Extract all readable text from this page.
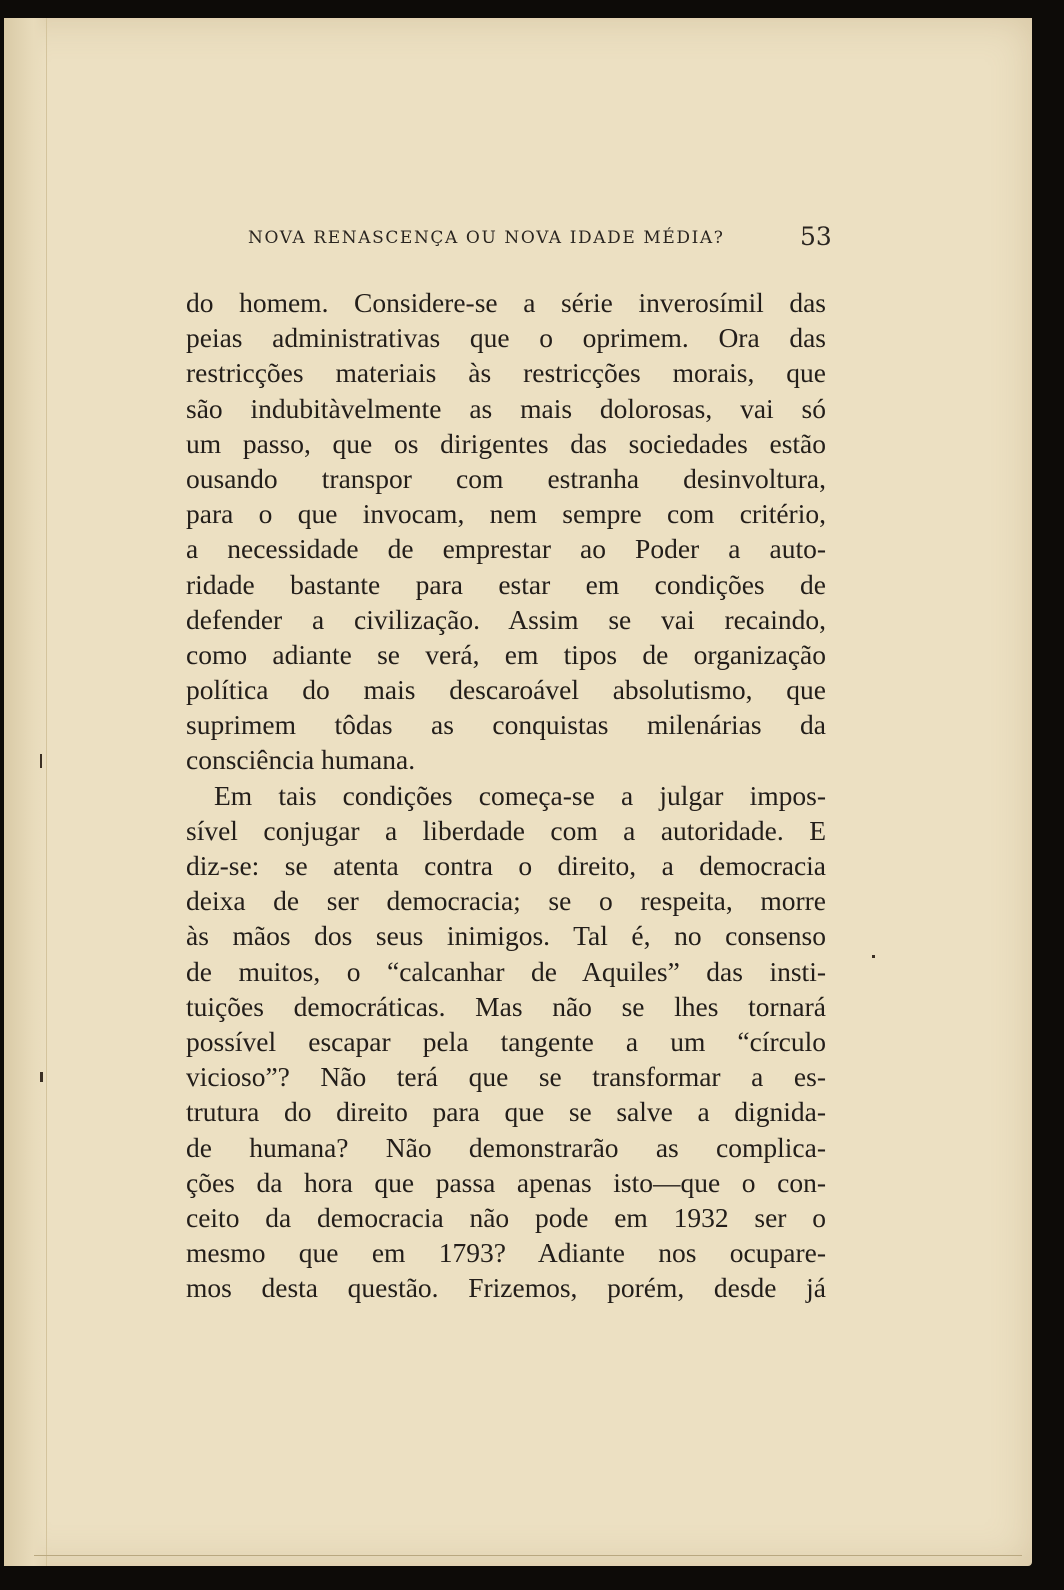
NOVA RENASCENÇA OU NOVA IDADE MÉDIA?	53
do homem. Considere-se a série inverosímil das
peias administrativas que o oprimem. Ora das
restricções materiais às restricções morais, que
são indubitàvelmente as mais dolorosas, vai só
um passo, que os dirigentes das sociedades estão
ousando transpor com estranha desinvoltura,
para o que invocam, nem sempre com critério,
a necessidade de emprestar ao Poder a auto-
ridade bastante para estar em condições de
defender a civilização. Assim se vai recaindo,
como adiante se verá, em tipos de organização
política do mais descaroável absolutismo, que
suprimem tôdas as conquistas milenárias da
consciência humana.
Em tais condições começa-se a julgar impos-
sível conjugar a liberdade com a autoridade. E
diz-se: se atenta contra o direito, a democracia
deixa de ser democracia; se o respeita, morre
às mãos dos seus inimigos. Tal é, no consenso
de muitos, o “calcanhar de Aquiles” das insti-
tuições democráticas. Mas não se lhes tornará
possível escapar pela tangente a um “círculo
vicioso”? Não terá que se transformar a es-
trutura do direito para que se salve a dignida-
de humana? Não demonstrarão as complica-
ções da hora que passa apenas isto—que o con-
ceito da democracia não pode em 1932 ser o
mesmo que em 1793? Adiante nos ocupare-
mos desta questão. Frizemos, porém, desde já
